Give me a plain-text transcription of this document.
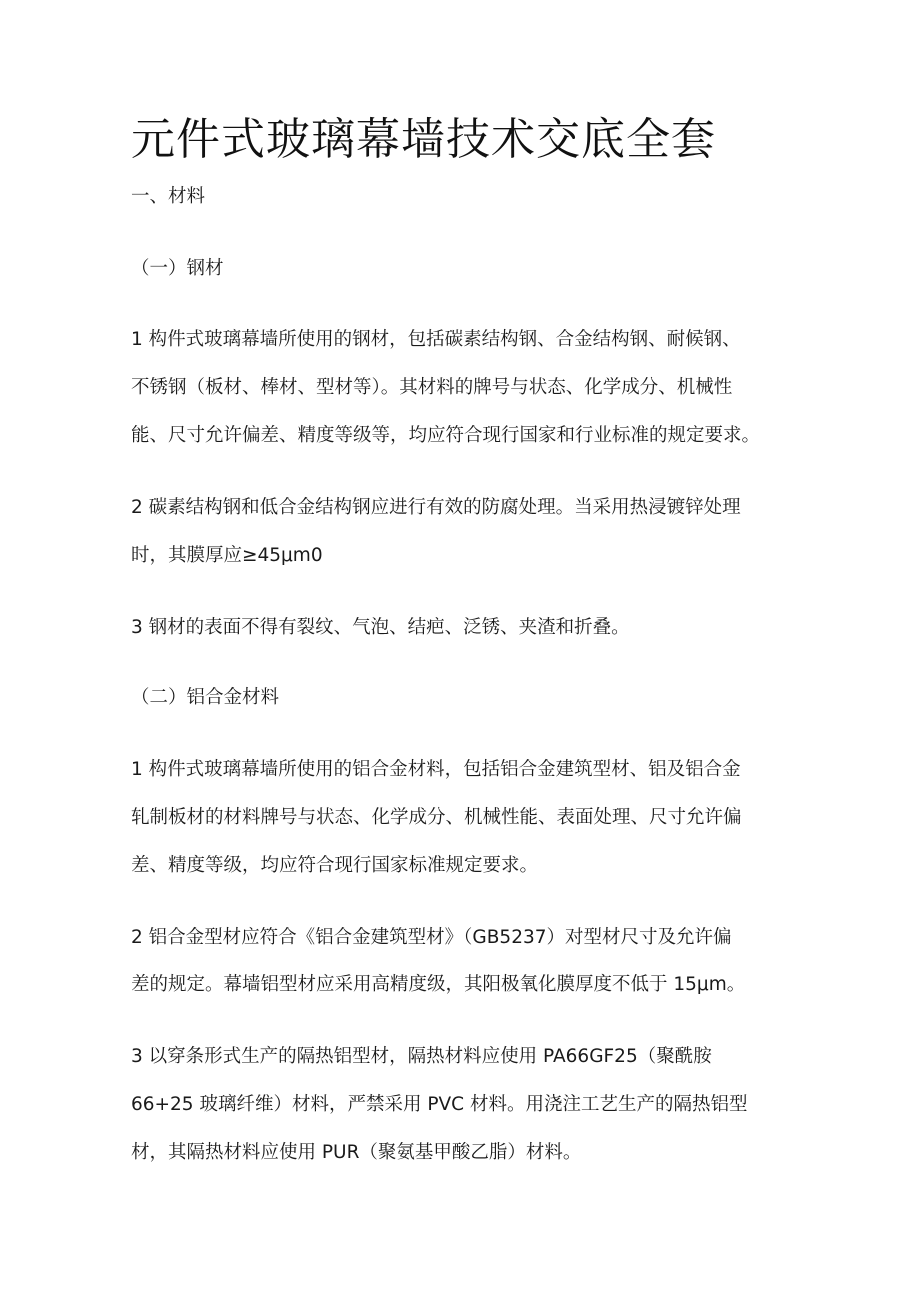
元件式玻璃幕墙技术交底全套

一、材料

（一）钢材

1 构件式玻璃幕墙所使用的钢材，包括碳素结构钢、合金结构钢、耐候钢、

不锈钢（板材、棒材、型材等）。其材料的牌号与状态、化学成分、机械性

能、尺寸允许偏差、精度等级等，均应符合现行国家和行业标准的规定要求。

2 碳素结构钢和低合金结构钢应进行有效的防腐处理。当采用热浸镀锌处理

时，其膜厚应≥45μm0

3 钢材的表面不得有裂纹、气泡、结疤、泛锈、夹渣和折叠。

（二）铝合金材料

1 构件式玻璃幕墙所使用的铝合金材料，包括铝合金建筑型材、铝及铝合金

轧制板材的材料牌号与状态、化学成分、机械性能、表面处理、尺寸允许偏

差、精度等级，均应符合现行国家标准规定要求。

2 铝合金型材应符合《铝合金建筑型材》（GB5237）对型材尺寸及允许偏

差的规定。幕墙铝型材应采用高精度级，其阳极氧化膜厚度不低于 15μm。

3 以穿条形式生产的隔热铝型材，隔热材料应使用 PA66GF25（聚酰胺

66+25 玻璃纤维）材料，严禁采用 PVC 材料。用浇注工艺生产的隔热铝型

材，其隔热材料应使用 PUR（聚氨基甲酸乙脂）材料。
